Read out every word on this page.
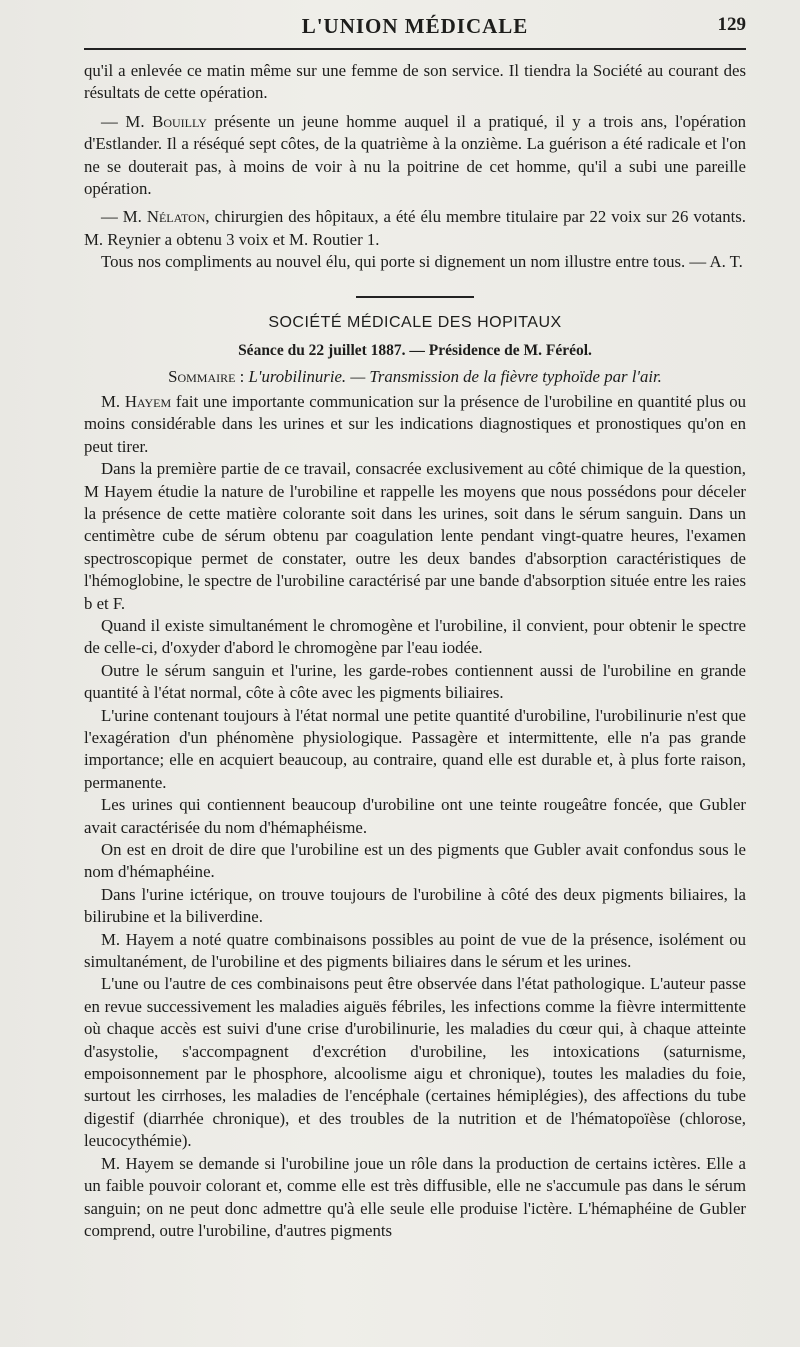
L'UNION MÉDICALE	129

qu'il a enlevée ce matin même sur une femme de son service. Il tiendra la Société au courant des résultats de cette opération.

— M. Bouilly présente un jeune homme auquel il a pratiqué, il y a trois ans, l'opération d'Estlander. Il a réséqué sept côtes, de la quatrième à la onzième. La guérison a été radicale et l'on ne se douterait pas, à moins de voir à nu la poitrine de cet homme, qu'il a subi une pareille opération.

— M. Nélaton, chirurgien des hôpitaux, a été élu membre titulaire par 22 voix sur 26 votants. M. Reynier a obtenu 3 voix et M. Routier 1.

Tous nos compliments au nouvel élu, qui porte si dignement un nom illustre entre tous. — A. T.

SOCIÉTÉ MÉDICALE DES HOPITAUX
Séance du 22 juillet 1887. — Présidence de M. Féréol.
Sommaire : L'urobilinurie. — Transmission de la fièvre typhoïde par l'air.

M. Hayem fait une importante communication sur la présence de l'urobiline en quantité plus ou moins considérable dans les urines et sur les indications diagnostiques et pronostiques qu'on en peut tirer.

Dans la première partie de ce travail, consacrée exclusivement au côté chimique de la question, M Hayem étudie la nature de l'urobiline et rappelle les moyens que nous possédons pour déceler la présence de cette matière colorante soit dans les urines, soit dans le sérum sanguin. Dans un centimètre cube de sérum obtenu par coagulation lente pendant vingt-quatre heures, l'examen spectroscopique permet de constater, outre les deux bandes d'absorption caractéristiques de l'hémoglobine, le spectre de l'urobiline caractérisé par une bande d'absorption située entre les raies b et F.

Quand il existe simultanément le chromogène et l'urobiline, il convient, pour obtenir le spectre de celle-ci, d'oxyder d'abord le chromogène par l'eau iodée.

Outre le sérum sanguin et l'urine, les garde-robes contiennent aussi de l'urobiline en grande quantité à l'état normal, côte à côte avec les pigments biliaires.

L'urine contenant toujours à l'état normal une petite quantité d'urobiline, l'urobilinurie n'est que l'exagération d'un phénomène physiologique. Passagère et intermittente, elle n'a pas grande importance; elle en acquiert beaucoup, au contraire, quand elle est durable et, à plus forte raison, permanente.

Les urines qui contiennent beaucoup d'urobiline ont une teinte rougeâtre foncée, que Gubler avait caractérisée du nom d'hémaphéisme.

On est en droit de dire que l'urobiline est un des pigments que Gubler avait confondus sous le nom d'hémaphéine.

Dans l'urine ictérique, on trouve toujours de l'urobiline à côté des deux pigments biliaires, la bilirubine et la biliverdine.

M. Hayem a noté quatre combinaisons possibles au point de vue de la présence, isolément ou simultanément, de l'urobiline et des pigments biliaires dans le sérum et les urines.

L'une ou l'autre de ces combinaisons peut être observée dans l'état pathologique. L'auteur passe en revue successivement les maladies aiguës fébriles, les infections comme la fièvre intermittente où chaque accès est suivi d'une crise d'urobilinurie, les maladies du cœur qui, à chaque atteinte d'asystolie, s'accompagnent d'excrétion d'urobiline, les intoxications (saturnisme, empoisonnement par le phosphore, alcoolisme aigu et chronique), toutes les maladies du foie, surtout les cirrhoses, les maladies de l'encéphale (certaines hémiplégies), des affections du tube digestif (diarrhée chronique), et des troubles de la nutrition et de l'hématopoïèse (chlorose, leucocythémie).

M. Hayem se demande si l'urobiline joue un rôle dans la production de certains ictères. Elle a un faible pouvoir colorant et, comme elle est très diffusible, elle ne s'accumule pas dans le sérum sanguin; on ne peut donc admettre qu'à elle seule elle produise l'ictère. L'hémaphéine de Gubler comprend, outre l'urobiline, d'autres pigments
